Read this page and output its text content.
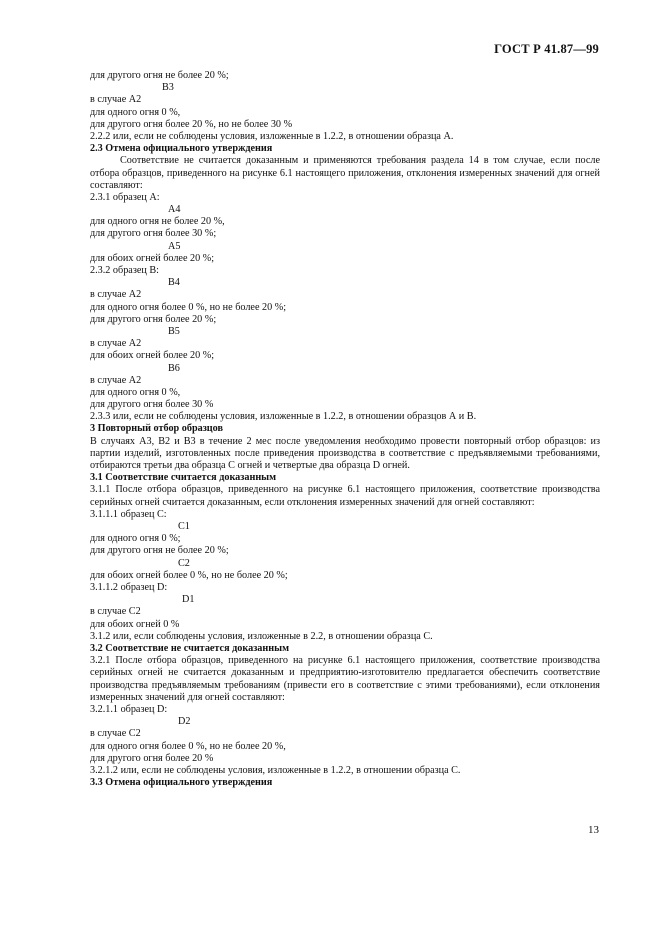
ГОСТ Р 41.87—99
для другого огня не более 20 %;
В3
в случае А2
для одного огня 0 %,
для другого огня более 20 %, но не более 30 %
2.2.2 или, если не соблюдены условия, изложенные в 1.2.2, в отношении образца А.
2.3 Отмена официального утверждения
Соответствие не считается доказанным и применяются требования раздела 14 в том случае, если после отбора образцов, приведенного на рисунке 6.1 настоящего приложения, отклонения измеренных значений для огней составляют:
2.3.1 образец А:
А4
для одного огня не более 20 %,
для другого огня более 30 %;
А5
для обоих огней более 20 %;
2.3.2 образец В:
В4
в случае А2
для одного огня более 0 %, но не более 20 %;
для другого огня более 20 %;
В5
в случае А2
для обоих огней более 20 %;
В6
в случае А2
для одного огня 0 %,
для другого огня более 30 %
2.3.3 или, если не соблюдены условия, изложенные в 1.2.2, в отношении образцов А и В.
3 Повторный отбор образцов
В случаях А3, В2 и В3 в течение 2 мес после уведомления необходимо провести повторный отбор образцов: из партии изделий, изготовленных после приведения производства в соответствие с предъявляемыми требованиями, отбираются третьи два образца С огней и четвертые два образца D огней.
3.1 Соответствие считается доказанным
3.1.1 После отбора образцов, приведенного на рисунке 6.1 настоящего приложения, соответствие производства серийных огней считается доказанным, если отклонения измеренных значений для огней составляют:
3.1.1.1 образец С:
С1
для одного огня 0 %;
для другого огня не более 20 %;
С2
для обоих огней более 0 %, но не более 20 %;
3.1.1.2 образец D:
D1
в случае С2
для обоих огней 0 %
3.1.2 или, если соблюдены условия, изложенные в 2.2, в отношении образца С.
3.2 Соответствие не считается доказанным
3.2.1 После отбора образцов, приведенного на рисунке 6.1 настоящего приложения, соответствие производства серийных огней не считается доказанным и предприятию-изготовителю предлагается обеспечить соответствие производства предъявляемым требованиям (привести его в соответствие с этими требованиями), если отклонения измеренных значений для огней составляют:
3.2.1.1 образец D:
D2
в случае С2
для одного огня более 0 %, но не более 20 %,
для другого огня более 20 %
3.2.1.2 или, если не соблюдены условия, изложенные в 1.2.2, в отношении образца С.
3.3 Отмена официального утверждения
13
